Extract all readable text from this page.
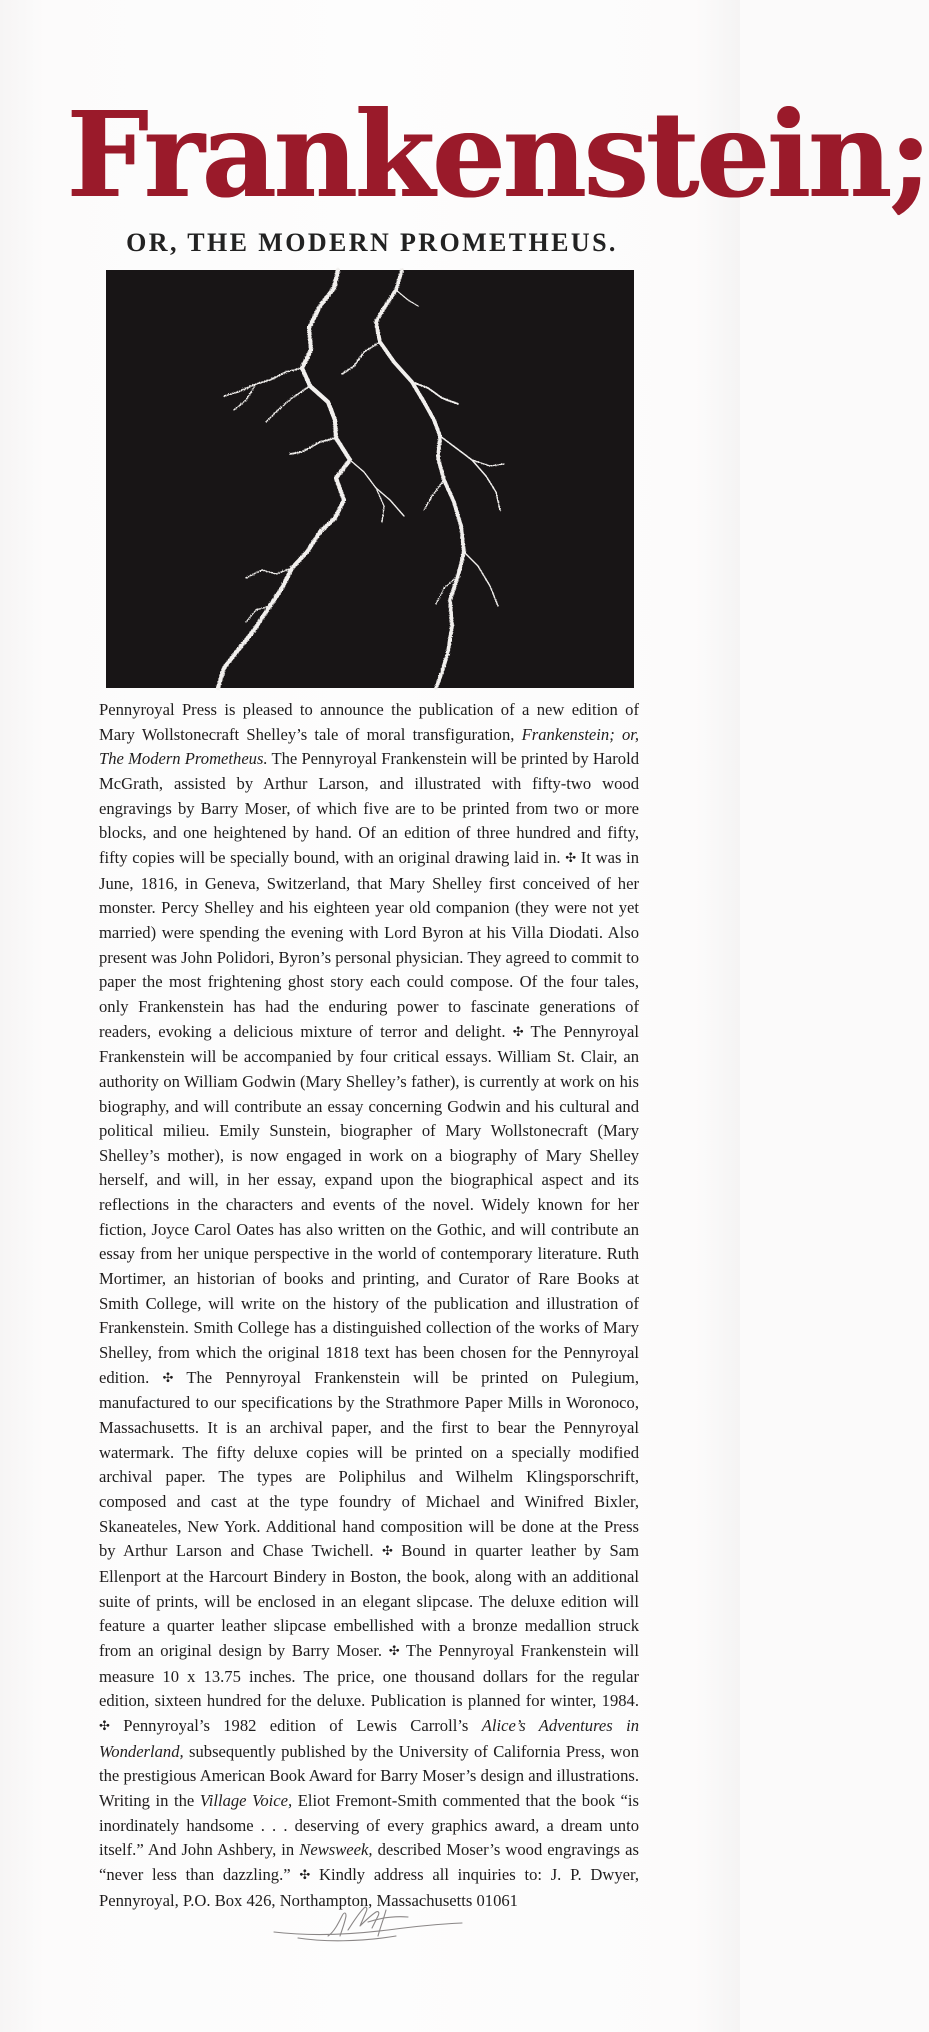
Frankenstein;
OR, THE MODERN PROMETHEUS.

Pennyroyal Press is pleased to announce the publication of a new edition of Mary Wollstonecraft Shelley’s tale of moral transfiguration, Frankenstein; or, The Modern Prometheus. The Pennyroyal Frankenstein will be printed by Harold McGrath, assisted by Arthur Larson, and illustrated with fifty-two wood engravings by Barry Moser, of which five are to be printed from two or more blocks, and one heightened by hand. Of an edition of three hundred and fifty, fifty copies will be specially bound, with an original drawing laid in. ✣ It was in June, 1816, in Geneva, Switzerland, that Mary Shelley first conceived of her monster. Percy Shelley and his eighteen year old companion (they were not yet married) were spending the evening with Lord Byron at his Villa Diodati. Also present was John Polidori, Byron’s personal physician. They agreed to commit to paper the most frightening ghost story each could compose. Of the four tales, only Frankenstein has had the enduring power to fascinate generations of readers, evoking a delicious mixture of terror and delight. ✣ The Pennyroyal Frankenstein will be accompanied by four critical essays. William St. Clair, an authority on William Godwin (Mary Shelley’s father), is currently at work on his biography, and will contribute an essay concerning Godwin and his cultural and political milieu. Emily Sunstein, biographer of Mary Wollstonecraft (Mary Shelley’s mother), is now engaged in work on a biography of Mary Shelley herself, and will, in her essay, expand upon the biographical aspect and its reflections in the characters and events of the novel. Widely known for her fiction, Joyce Carol Oates has also written on the Gothic, and will contribute an essay from her unique perspective in the world of contemporary literature. Ruth Mortimer, an historian of books and printing, and Curator of Rare Books at Smith College, will write on the history of the publication and illustration of Frankenstein. Smith College has a distinguished collection of the works of Mary Shelley, from which the original 1818 text has been chosen for the Pennyroyal edition. ✣ The Pennyroyal Frankenstein will be printed on Pulegium, manufactured to our specifications by the Strathmore Paper Mills in Woronoco, Massachusetts. It is an archival paper, and the first to bear the Pennyroyal watermark. The fifty deluxe copies will be printed on a specially modified archival paper. The types are Poliphilus and Wilhelm Klingsporschrift, composed and cast at the type foundry of Michael and Winifred Bixler, Skaneateles, New York. Additional hand composition will be done at the Press by Arthur Larson and Chase Twichell. ✣ Bound in quarter leather by Sam Ellenport at the Harcourt Bindery in Boston, the book, along with an additional suite of prints, will be enclosed in an elegant slipcase. The deluxe edition will feature a quarter leather slipcase embellished with a bronze medallion struck from an original design by Barry Moser. ✣ The Pennyroyal Frankenstein will measure 10 x 13.75 inches. The price, one thousand dollars for the regular edition, sixteen hundred for the deluxe. Publication is planned for winter, 1984. ✣ Pennyroyal’s 1982 edition of Lewis Carroll’s Alice’s Adventures in Wonderland, subsequently published by the University of California Press, won the prestigious American Book Award for Barry Moser’s design and illustrations. Writing in the Village Voice, Eliot Fremont-Smith commented that the book “is inordinately handsome . . . deserving of every graphics award, a dream unto itself.” And John Ashbery, in Newsweek, described Moser’s wood engravings as “never less than dazzling.” ✣ Kindly address all inquiries to: J. P. Dwyer, Pennyroyal, P.O. Box 426, Northampton, Massachusetts 01061
